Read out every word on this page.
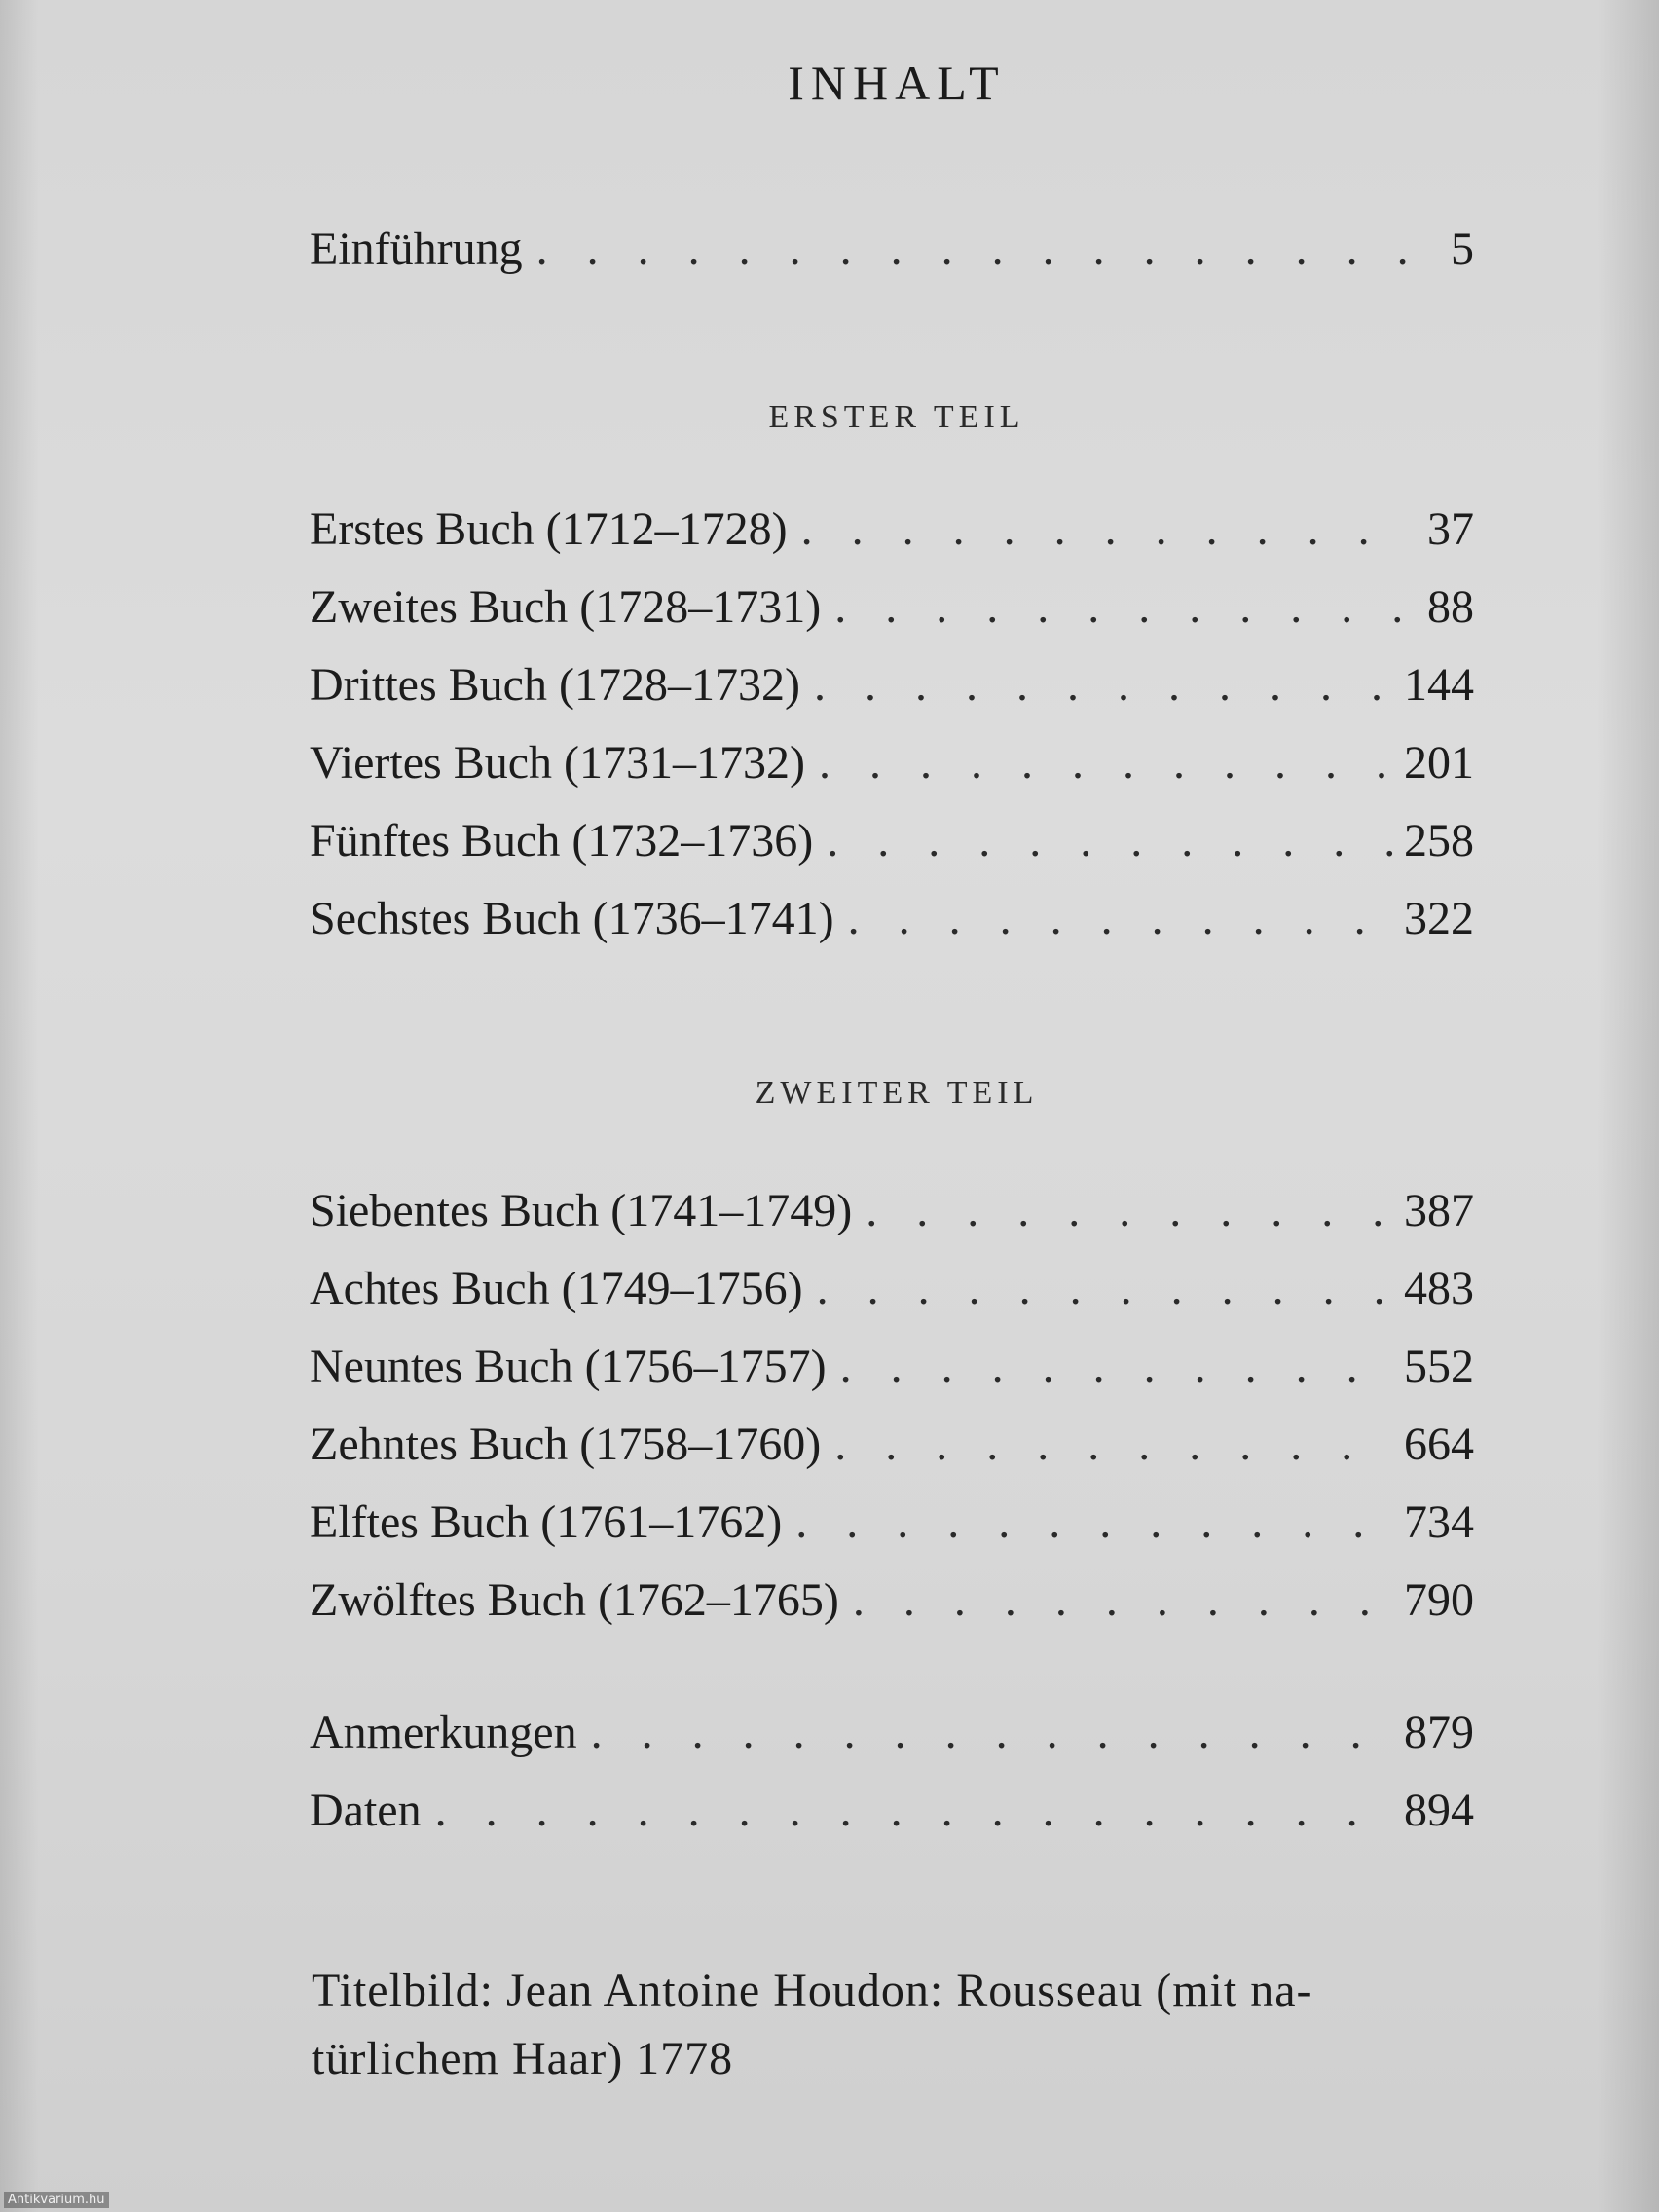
INHALT
Einführung . . .	5
ERSTER TEIL
Erstes Buch (1712–1728) . . .	37
Zweites Buch (1728–1731) . . .	88
Drittes Buch (1728–1732) . . .	144
Viertes Buch (1731–1732) . . .	201
Fünftes Buch (1732–1736) . . .	258
Sechstes Buch (1736–1741) . . .	322
ZWEITER TEIL
Siebentes Buch (1741–1749) . . .	387
Achtes Buch (1749–1756) . . .	483
Neuntes Buch (1756–1757) . . .	552
Zehntes Buch (1758–1760) . . .	664
Elftes Buch (1761–1762) . . .	734
Zwölftes Buch (1762–1765) . . .	790
Anmerkungen . . .	879
Daten . . .	894
Titelbild: Jean Antoine Houdon: Rousseau (mit na-
türlichem Haar) 1778
Antikvarium.hu
